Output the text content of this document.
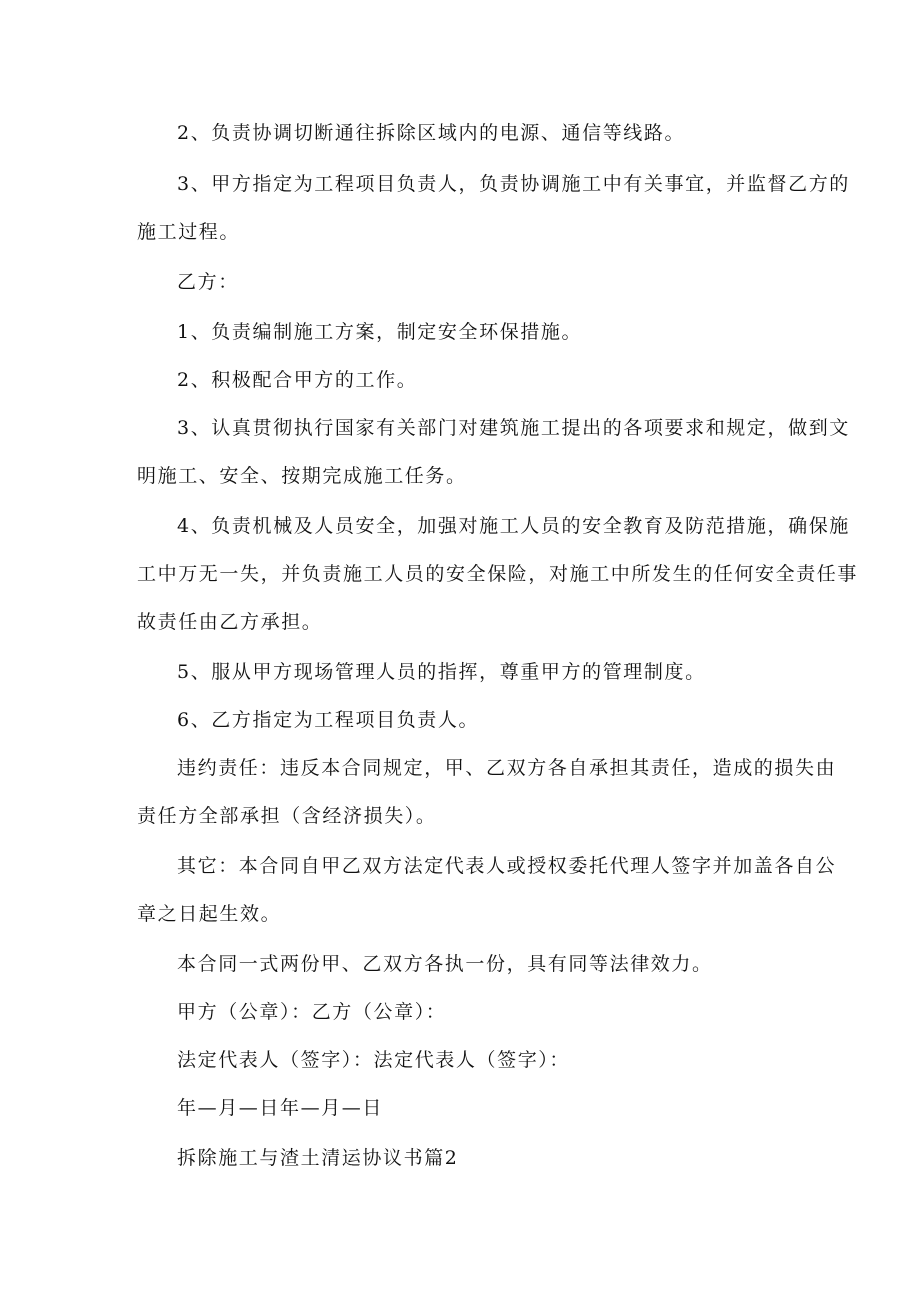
2、负责协调切断通往拆除区域内的电源、通信等线路。
3、甲方指定为工程项目负责人，负责协调施工中有关事宜，并监督乙方的
施工过程。
乙方：
1、负责编制施工方案，制定安全环保措施。
2、积极配合甲方的工作。
3、认真贯彻执行国家有关部门对建筑施工提出的各项要求和规定，做到文
明施工、安全、按期完成施工任务。
4、负责机械及人员安全，加强对施工人员的安全教育及防范措施，确保施
工中万无一失，并负责施工人员的安全保险，对施工中所发生的任何安全责任事
故责任由乙方承担。
5、服从甲方现场管理人员的指挥，尊重甲方的管理制度。
6、乙方指定为工程项目负责人。
违约责任：违反本合同规定，甲、乙双方各自承担其责任，造成的损失由
责任方全部承担（含经济损失）。
其它：本合同自甲乙双方法定代表人或授权委托代理人签字并加盖各自公
章之日起生效。
本合同一式两份甲、乙双方各执一份，具有同等法律效力。
甲方（公章）：乙方（公章）：
法定代表人（签字）：法定代表人（签字）：
年—月—日年—月—日
拆除施工与渣土清运协议书篇2
